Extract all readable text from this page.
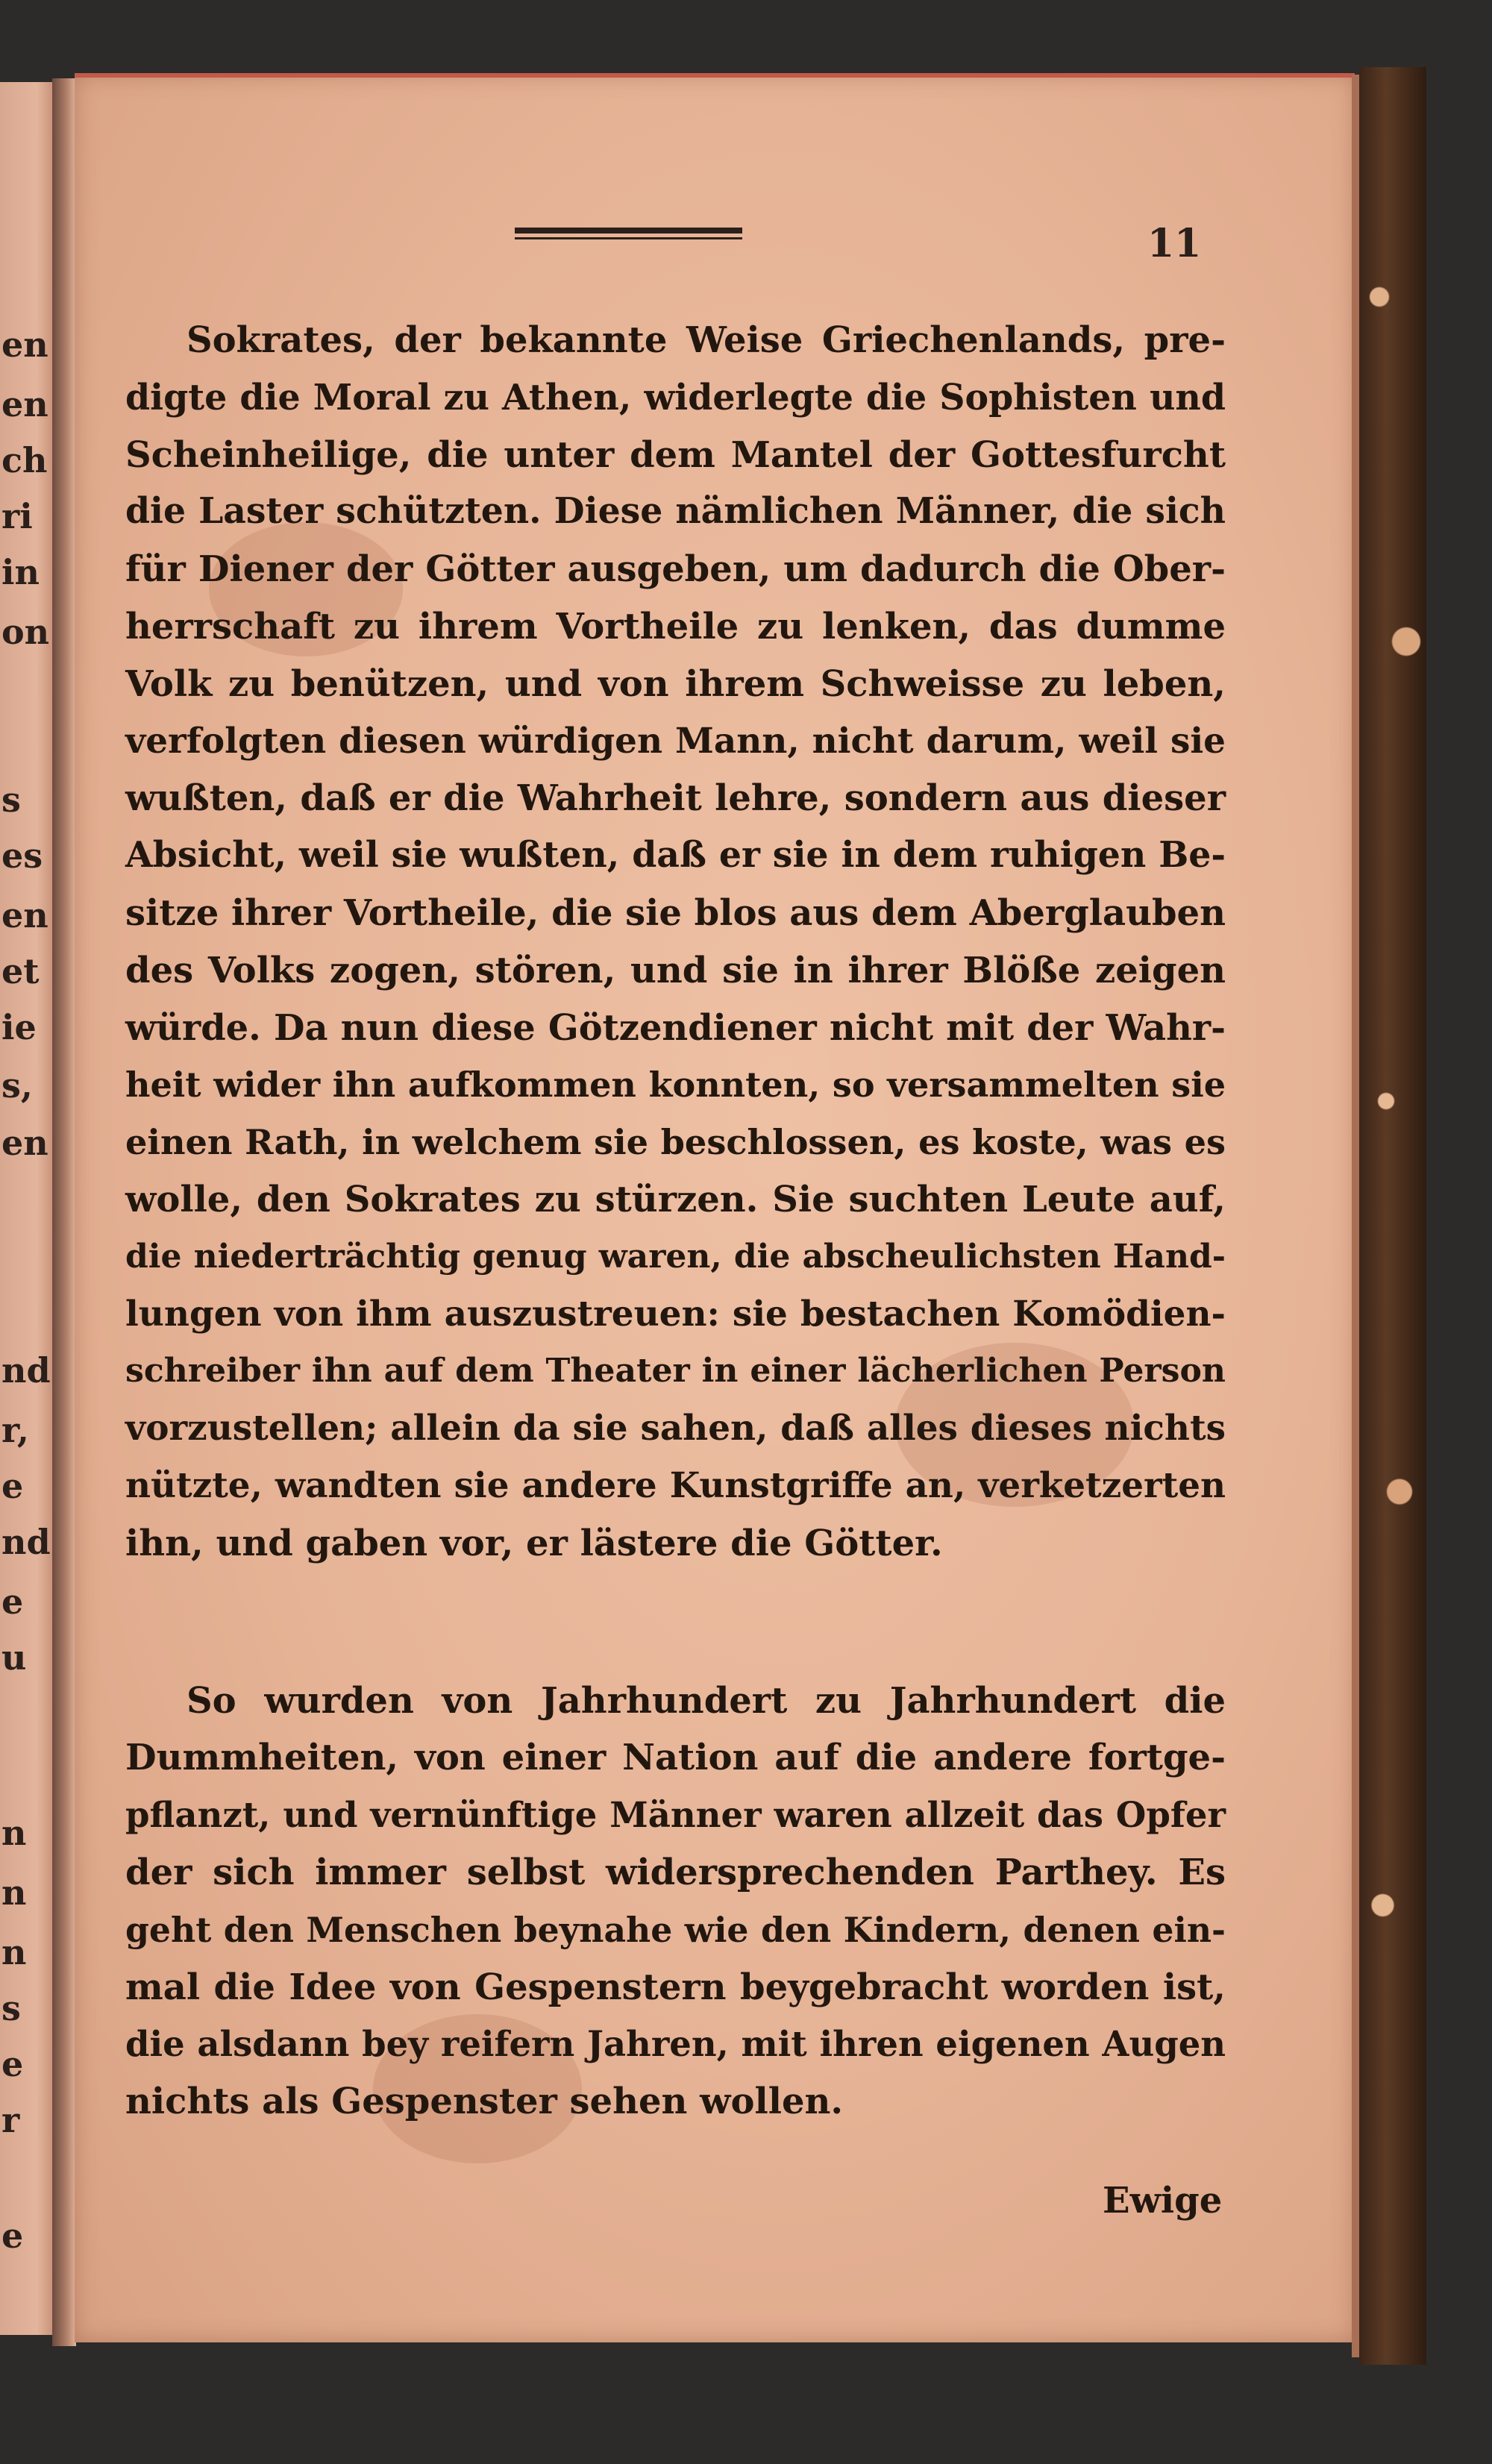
en
en
ch
ri
in
on
s
es
en
et
ie
s,
en
nd
r,
e
nd
e
u
n
n
n
s
e
r
e
11

Sokrates, der bekannte Weise Griechenlands, pre-
digte die Moral zu Athen, widerlegte die Sophisten und
Scheinheilige, die unter dem Mantel der Gottesfurcht
die Laster schützten. Diese nämlichen Männer, die sich
für Diener der Götter ausgeben, um dadurch die Ober-
herrschaft zu ihrem Vortheile zu lenken, das dumme
Volk zu benützen, und von ihrem Schweisse zu leben,
verfolgten diesen würdigen Mann, nicht darum, weil sie
wußten, daß er die Wahrheit lehre, sondern aus dieser
Absicht, weil sie wußten, daß er sie in dem ruhigen Be-
sitze ihrer Vortheile, die sie blos aus dem Aberglauben
des Volks zogen, stören, und sie in ihrer Blöße zeigen
würde. Da nun diese Götzendiener nicht mit der Wahr-
heit wider ihn aufkommen konnten, so versammelten sie
einen Rath, in welchem sie beschlossen, es koste, was es
wolle, den Sokrates zu stürzen. Sie suchten Leute auf,
die niederträchtig genug waren, die abscheulichsten Hand-
lungen von ihm auszustreuen: sie bestachen Komödien-
schreiber ihn auf dem Theater in einer lächerlichen Person
vorzustellen; allein da sie sahen, daß alles dieses nichts
nützte, wandten sie andere Kunstgriffe an, verketzerten
ihn, und gaben vor, er lästere die Götter.

So wurden von Jahrhundert zu Jahrhundert die
Dummheiten, von einer Nation auf die andere fortge-
pflanzt, und vernünftige Männer waren allzeit das Opfer
der sich immer selbst widersprechenden Parthey. Es
geht den Menschen beynahe wie den Kindern, denen ein-
mal die Idee von Gespenstern beygebracht worden ist,
die alsdann bey reifern Jahren, mit ihren eigenen Augen
nichts als Gespenster sehen wollen.

Ewige
